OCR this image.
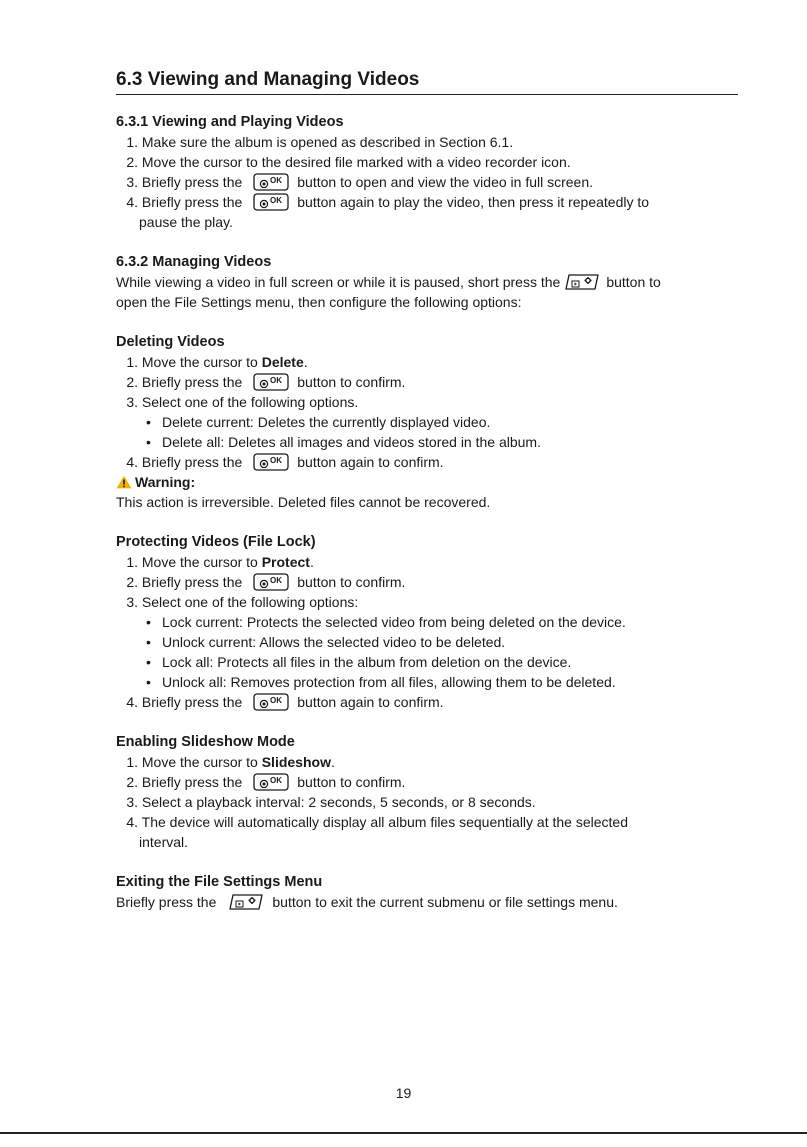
6.3 Viewing and Managing Videos
6.3.1 Viewing and Playing Videos
1. Make sure the album is opened as described in Section 6.1.
2. Move the cursor to the desired file marked with a video recorder icon.
3. Briefly press the	OK button to open and view the video in full screen.
4. Briefly press the	OK button again to play the video, then press it repeatedly to
pause the play.
6.3.2 Managing Videos
While viewing a video in full screen or while it is paused, short press the	button to
open the File Settings menu, then configure the following options:
Deleting Videos
1. Move the cursor to Delete.
2. Briefly press the	OK button to confirm.
3. Select one of the following options.
• Delete current: Deletes the currently displayed video.
• Delete all: Deletes all images and videos stored in the album.
4. Briefly press the	OK button again to confirm.
Warning:
This action is irreversible. Deleted files cannot be recovered.
Protecting Videos (File Lock)
1. Move the cursor to Protect.
2. Briefly press the	OK button to confirm.
3. Select one of the following options:
• Lock current: Protects the selected video from being deleted on the device.
• Unlock current: Allows the selected video to be deleted.
• Lock all: Protects all files in the album from deletion on the device.
• Unlock all: Removes protection from all files, allowing them to be deleted.
4. Briefly press the	OK button again to confirm.
Enabling Slideshow Mode
1. Move the cursor to Slideshow.
2. Briefly press the	OK button to confirm.
3. Select a playback interval: 2 seconds, 5 seconds, or 8 seconds.
4. The device will automatically display all album files sequentially at the selected
interval.
Exiting the File Settings Menu
Briefly press the	button to exit the current submenu or file settings menu.
19
